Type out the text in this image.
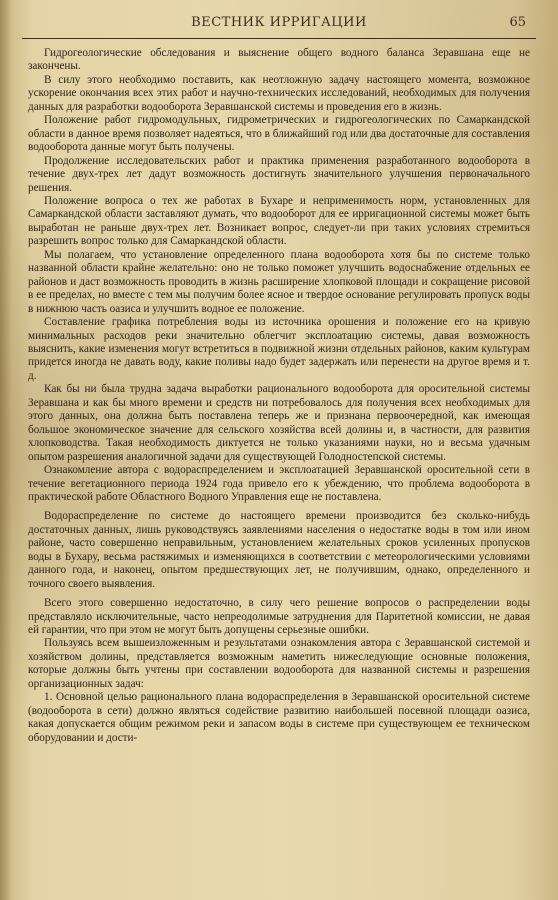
ВЕСТНИК ИРРИГАЦИИ	65

Гидрогеологические обследования и выяснение общего водного баланса Зеравшана еще не закончены.

В силу этого необходимо поставить, как неотложную задачу настоящего момента, возможное ускорение окончания всех этих работ и научно-технических исследований, необходимых для получения данных для разработки водооборота Зеравшанской системы и проведения его в жизнь.

Положение работ гидромодульных, гидрометрических и гидрогеологических по Самаркандской области в данное время позволяет надеяться, что в ближайший год или два достаточные для составления водооборота данные могут быть получены.

Продолжение исследовательских работ и практика применения разработанного водооборота в течение двух-трех лет дадут возможность достигнуть значительного улучшения первоначального решения.

Положение вопроса о тех же работах в Бухаре и неприменимость норм, установленных для Самаркандской области заставляют думать, что водооборот для ее ирригационной системы может быть выработан не раньше двух-трех лет. Возникает вопрос, следует-ли при таких условиях стремиться разрешить вопрос только для Самаркандской области.

Мы полагаем, что установление определенного плана водооборота хотя бы по системе только названной области крайне желательно: оно не только поможет улучшить водоснабжение отдельных ее районов и даст возможность проводить в жизнь расширение хлопковой площади и сокращение рисовой в ее пределах, но вместе с тем мы получим более ясное и твердое основание регулировать пропуск воды в нижнюю часть оазиса и улучшить водное ее положение.

Составление графика потребления воды из источника орошения и положение его на кривую минимальных расходов реки значительно облегчит эксплоатацию системы, давая возможность выяснить, какие изменения могут встретиться в подвижной жизни отдельных районов, каким культурам придется иногда не давать воду, какие поливы надо будет задержать или перенести на другое время и т. д.

Как бы ни была трудна задача выработки рационального водооборота для оросительной системы Зеравшана и как бы много времени и средств ни потребовалось для получения всех необходимых для этого данных, она должна быть поставлена теперь же и признана первоочередной, как имеющая большое экономическое значение для сельского хозяйства всей долины и, в частности, для развития хлопководства. Такая необходимость диктуется не только указаниями науки, но и весьма удачным опытом разрешения аналогичной задачи для существующей Голодностепской системы.

Ознакомление автора с водораспределением и эксплоатацией Зеравшанской оросительной сети в течение вегетационного периода 1924 года привело его к убеждению, что проблема водооборота в практической работе Областного Водного Управления еще не поставлена.

Водораспределение по системе до настоящего времени производится без сколько-нибудь достаточных данных, лишь руководствуясь заявлениями населения о недостатке воды в том или ином районе, часто совершенно неправильным, установлением желательных сроков усиленных пропусков воды в Бухару, весьма растяжимых и изменяющихся в соответствии с метеорологическими условиями данного года, и наконец, опытом предшествующих лет, не получившим, однако, определенного и точного своего выявления.

Всего этого совершенно недостаточно, в силу чего решение вопросов о распределении воды представляло исключительные, часто непреодолимые затруднения для Паритетной комиссии, не давая ей гарантии, что при этом не могут быть допущены серьезные ошибки.

Пользуясь всем вышеизложенным и результатами ознакомления автора с Зеравшанской системой и хозяйством долины, представляется возможным наметить нижеследующие основные положения, которые должны быть учтены при составлении водооборота для названной системы и разрешения организационных задач:

1. Основной целью рационального плана водораспределения в Зеравшанской оросительной системе (водооборота в сети) должно являться содействие развитию наибольшей посевной площади оазиса, какая допускается общим режимом реки и запасом воды в системе при существующем ее техническом оборудовании и дости-
